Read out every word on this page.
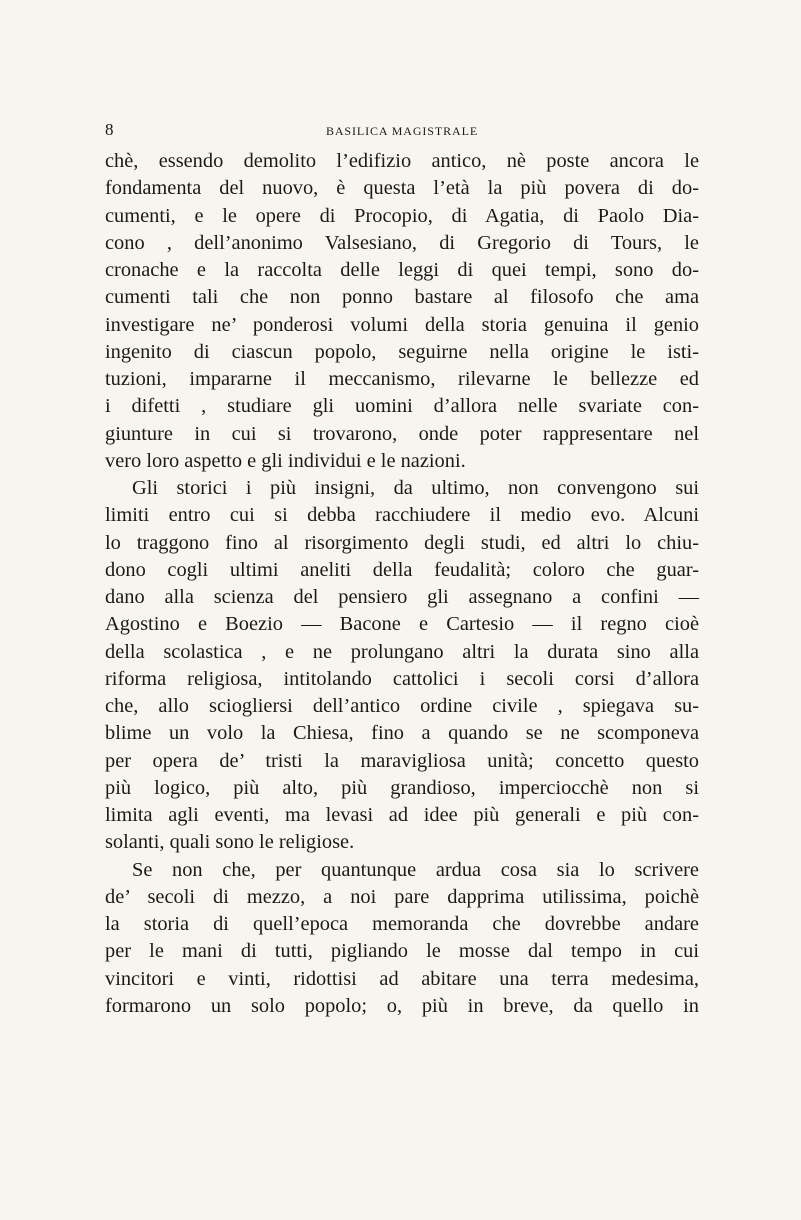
8	BASILICA MAGISTRALE
chè, essendo demolito l’edifizio antico, nè poste ancora le
fondamenta del nuovo, è questa l’età la più povera di do-
cumenti, e le opere di Procopio, di Agatia, di Paolo Dia-
cono , dell’anonimo Valsesiano, di Gregorio di Tours, le
cronache e la raccolta delle leggi di quei tempi, sono do-
cumenti tali che non ponno bastare al filosofo che ama
investigare ne’ ponderosi volumi della storia genuina il genio
ingenito di ciascun popolo, seguirne nella origine le isti-
tuzioni, impararne il meccanismo, rilevarne le bellezze ed
i difetti , studiare gli uomini d’allora nelle svariate con-
giunture in cui si trovarono, onde poter rappresentare nel
vero loro aspetto e gli individui e le nazioni.
Gli storici i più insigni, da ultimo, non convengono sui
limiti entro cui si debba racchiudere il medio evo. Alcuni
lo traggono fino al risorgimento degli studi, ed altri lo chiu-
dono cogli ultimi aneliti della feudalità; coloro che guar-
dano alla scienza del pensiero gli assegnano a confini —
Agostino e Boezio — Bacone e Cartesio — il regno cioè
della scolastica , e ne prolungano altri la durata sino alla
riforma religiosa, intitolando cattolici i secoli corsi d’allora
che, allo sciogliersi dell’antico ordine civile , spiegava su-
blime un volo la Chiesa, fino a quando se ne scomponeva
per opera de’ tristi la maravigliosa unità; concetto questo
più logico, più alto, più grandioso, imperciocchè non si
limita agli eventi, ma levasi ad idee più generali e più con-
solanti, quali sono le religiose.
Se non che, per quantunque ardua cosa sia lo scrivere
de’ secoli di mezzo, a noi pare dapprima utilissima, poichè
la storia di quell’epoca memoranda che dovrebbe andare
per le mani di tutti, pigliando le mosse dal tempo in cui
vincitori e vinti, ridottisi ad abitare una terra medesima,
formarono un solo popolo; o, più in breve, da quello in
